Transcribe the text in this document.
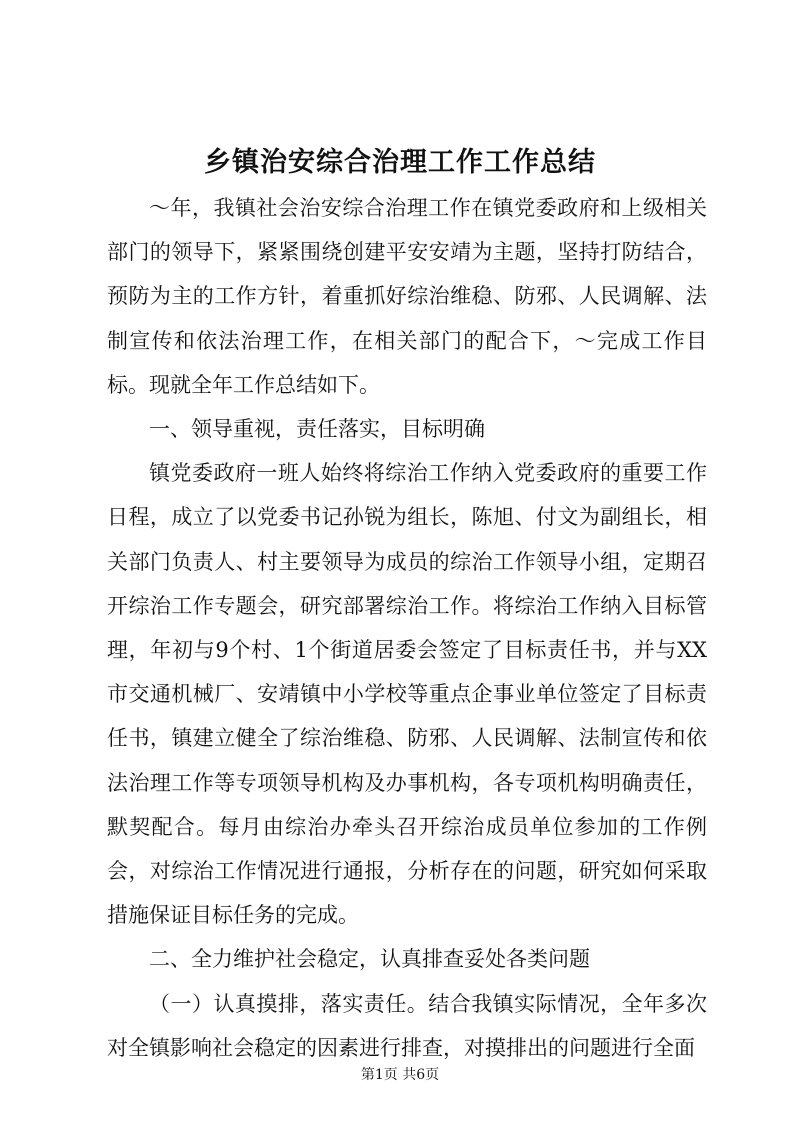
乡镇治安综合治理工作工作总结

～年，我镇社会治安综合治理工作在镇党委政府和上级相关部门的领导下，紧紧围绕创建平安安靖为主题，坚持打防结合，预防为主的工作方针，着重抓好综治维稳、防邪、人民调解、法制宣传和依法治理工作，在相关部门的配合下，～完成工作目标。现就全年工作总结如下。

一、领导重视，责任落实，目标明确

镇党委政府一班人始终将综治工作纳入党委政府的重要工作日程，成立了以党委书记孙锐为组长，陈旭、付文为副组长，相关部门负责人、村主要领导为成员的综治工作领导小组，定期召开综治工作专题会，研究部署综治工作。将综治工作纳入目标管理，年初与9个村、1个街道居委会签定了目标责任书，并与XX市交通机械厂、安靖镇中小学校等重点企事业单位签定了目标责任书，镇建立健全了综治维稳、防邪、人民调解、法制宣传和依法治理工作等专项领导机构及办事机构，各专项机构明确责任，默契配合。每月由综治办牵头召开综治成员单位参加的工作例会，对综治工作情况进行通报，分析存在的问题，研究如何采取措施保证目标任务的完成。

二、全力维护社会稳定，认真排查妥处各类问题

（一）认真摸排，落实责任。结合我镇实际情况，全年多次对全镇影响社会稳定的因素进行排查，对摸排出的问题进行全面

第1页 共6页
